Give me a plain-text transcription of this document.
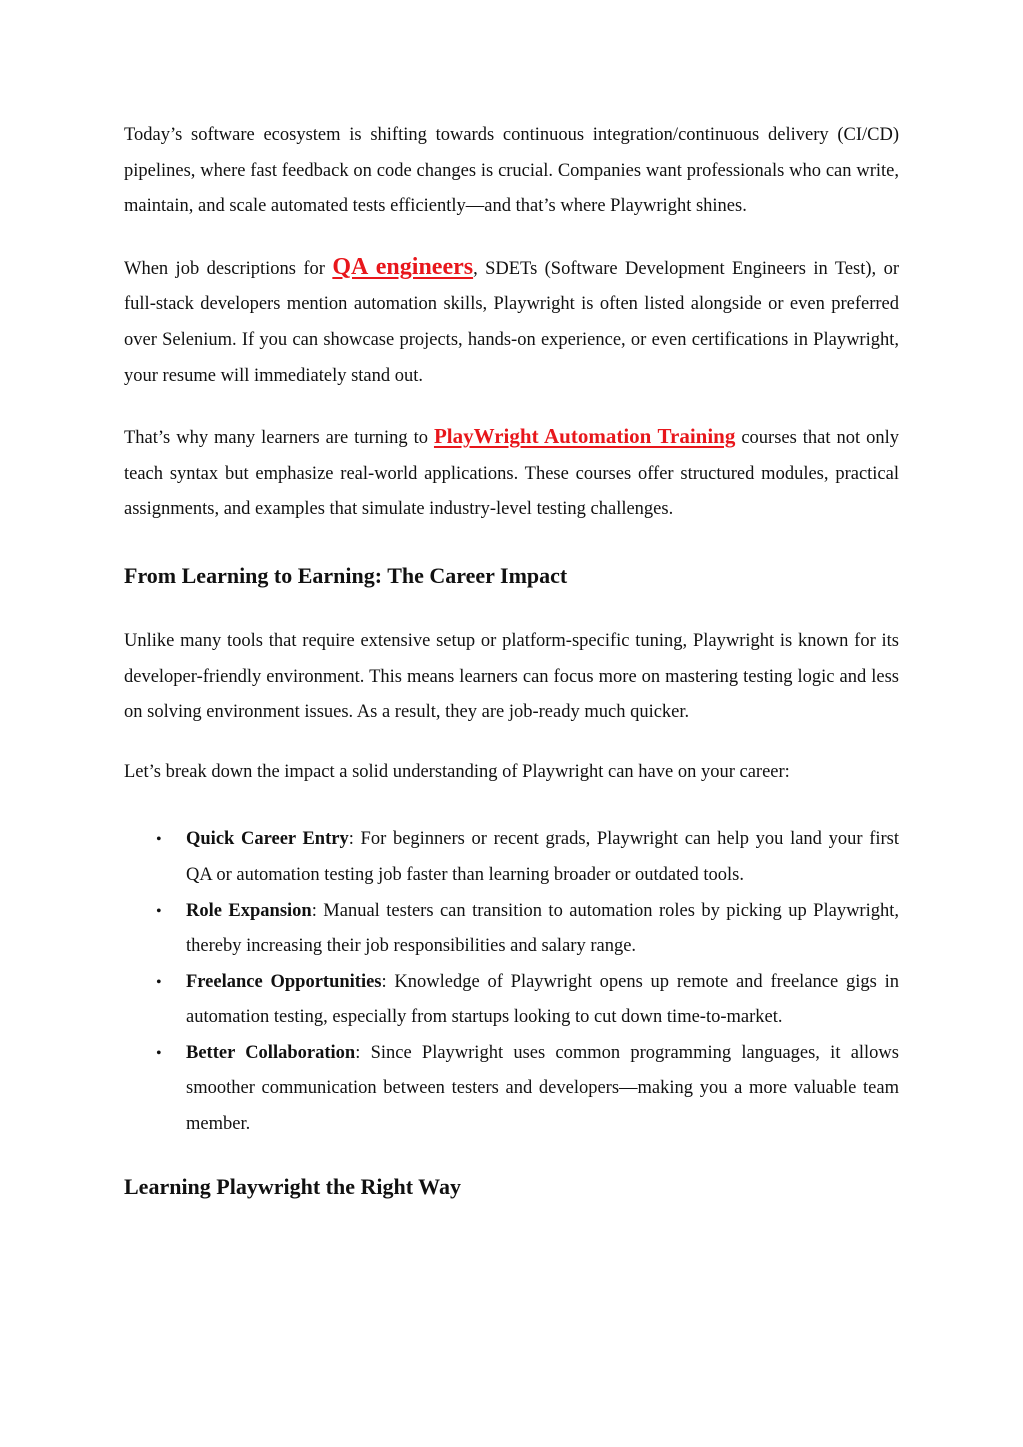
Today’s software ecosystem is shifting towards continuous integration/continuous delivery (CI/CD) pipelines, where fast feedback on code changes is crucial. Companies want professionals who can write, maintain, and scale automated tests efficiently—and that’s where Playwright shines.

When job descriptions for QA engineers, SDETs (Software Development Engineers in Test), or full-stack developers mention automation skills, Playwright is often listed alongside or even preferred over Selenium. If you can showcase projects, hands-on experience, or even certifications in Playwright, your resume will immediately stand out.

That’s why many learners are turning to PlayWright Automation Training courses that not only teach syntax but emphasize real-world applications. These courses offer structured modules, practical assignments, and examples that simulate industry-level testing challenges.

From Learning to Earning: The Career Impact

Unlike many tools that require extensive setup or platform-specific tuning, Playwright is known for its developer-friendly environment. This means learners can focus more on mastering testing logic and less on solving environment issues. As a result, they are job-ready much quicker.

Let’s break down the impact a solid understanding of Playwright can have on your career:

• Quick Career Entry: For beginners or recent grads, Playwright can help you land your first QA or automation testing job faster than learning broader or outdated tools.
• Role Expansion: Manual testers can transition to automation roles by picking up Playwright, thereby increasing their job responsibilities and salary range.
• Freelance Opportunities: Knowledge of Playwright opens up remote and freelance gigs in automation testing, especially from startups looking to cut down time-to-market.
• Better Collaboration: Since Playwright uses common programming languages, it allows smoother communication between testers and developers—making you a more valuable team member.
Learning Playwright the Right Way
